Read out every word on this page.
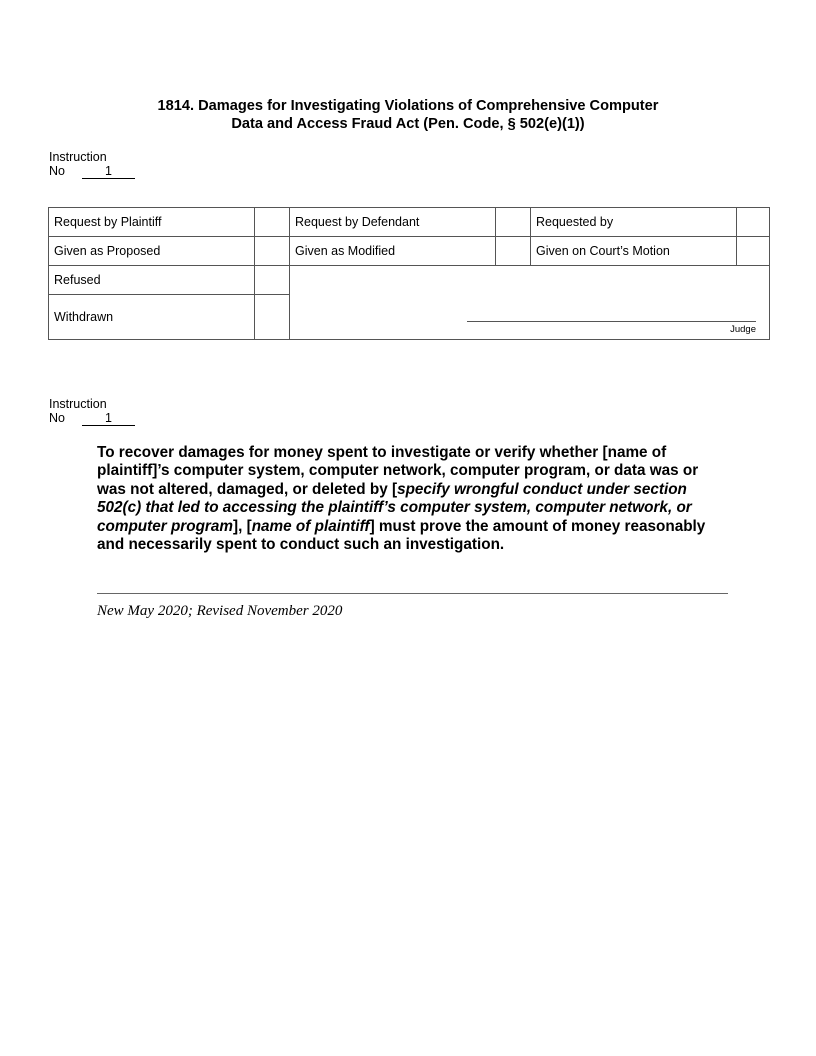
1814. Damages for Investigating Violations of Comprehensive Computer
Data and Access Fraud Act (Pen. Code, § 502(e)(1))
Instruction
No	1
Request by Plaintiff		Request by Defendant		Requested by	
Given as Proposed		Given as Modified		Given on Court’s Motion	
Refused		Judge			

Withdrawn					
Instruction
No	1
To recover damages for money spent to investigate or verify whether [name of plaintiff]’s computer system, computer network, computer program, or data was or was not altered, damaged, or deleted by [specify wrongful conduct under section 502(c) that led to accessing the plaintiff’s computer system, computer network, or computer program], [name of plaintiff] must prove the amount of money reasonably and necessarily spent to conduct such an investigation.
New May 2020; Revised November 2020
